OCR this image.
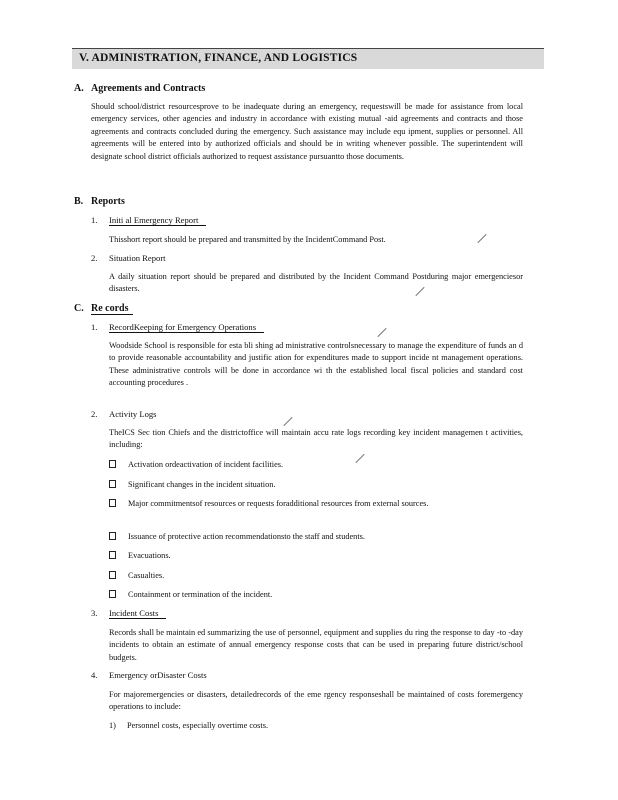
V. ADMINISTRATION, FINANCE, AND LOGISTICS
A. Agreements and Contracts
Should school/district resourcesprove to be inadequate during an emergency, requestswill be made for assistance from local emergency services, other agencies and industry in accordance with existing mutual -aid agreements and contracts and those agreements and contracts concluded during the emergency. Such assistance may include equ ipment, supplies or personnel. All agreements will be entered into by authorized officials and should be in writing whenever possible. The superintendent will designate school district officials authorized to request assistance pursuantto those documents.
B. Reports
1. Initi al Emergency Report
Thisshort report should be prepared and transmitted by the IncidentCommand Post.
2. Situation Report
A daily situation report should be prepared and distributed by the Incident Command Postduring major emergenciesor disasters.
C. Re cords
1. RecordKeeping for Emergency Operations
Woodside School is responsible for esta bli shing ad ministrative controlsnecessary to manage the expenditure of funds an d to provide reasonable accountability and justific ation for expenditures made to support incide nt management operations. These administrative controls will be done in accordance wi th the established local fiscal policies and standard cost accounting procedures .
2. Activity Logs
TheICS Sec tion Chiefs and the districtoffice will maintain accu rate logs recording key incident managemen t activities, including:
Activation ordeactivation of incident facilities.
Significant changes in the incident situation.
Major commitmentsof resources or requests foradditional resources from external sources.
Issuance of protective action recommendationsto the staff and students.
Evacuations.
Casualties.
Containment or termination of the incident.
3. Incident Costs
Records shall be maintain ed summarizing the use of personnel, equipment and supplies du ring the response to day -to -day incidents to obtain an estimate of annual emergency response costs that can be used in preparing future district/school budgets.
4. Emergency orDisaster Costs
For majoremergencies or disasters, detailedrecords of the eme rgency responseshall be maintained of costs foremergency operations to include:
1) Personnel costs, especially overtime costs.
